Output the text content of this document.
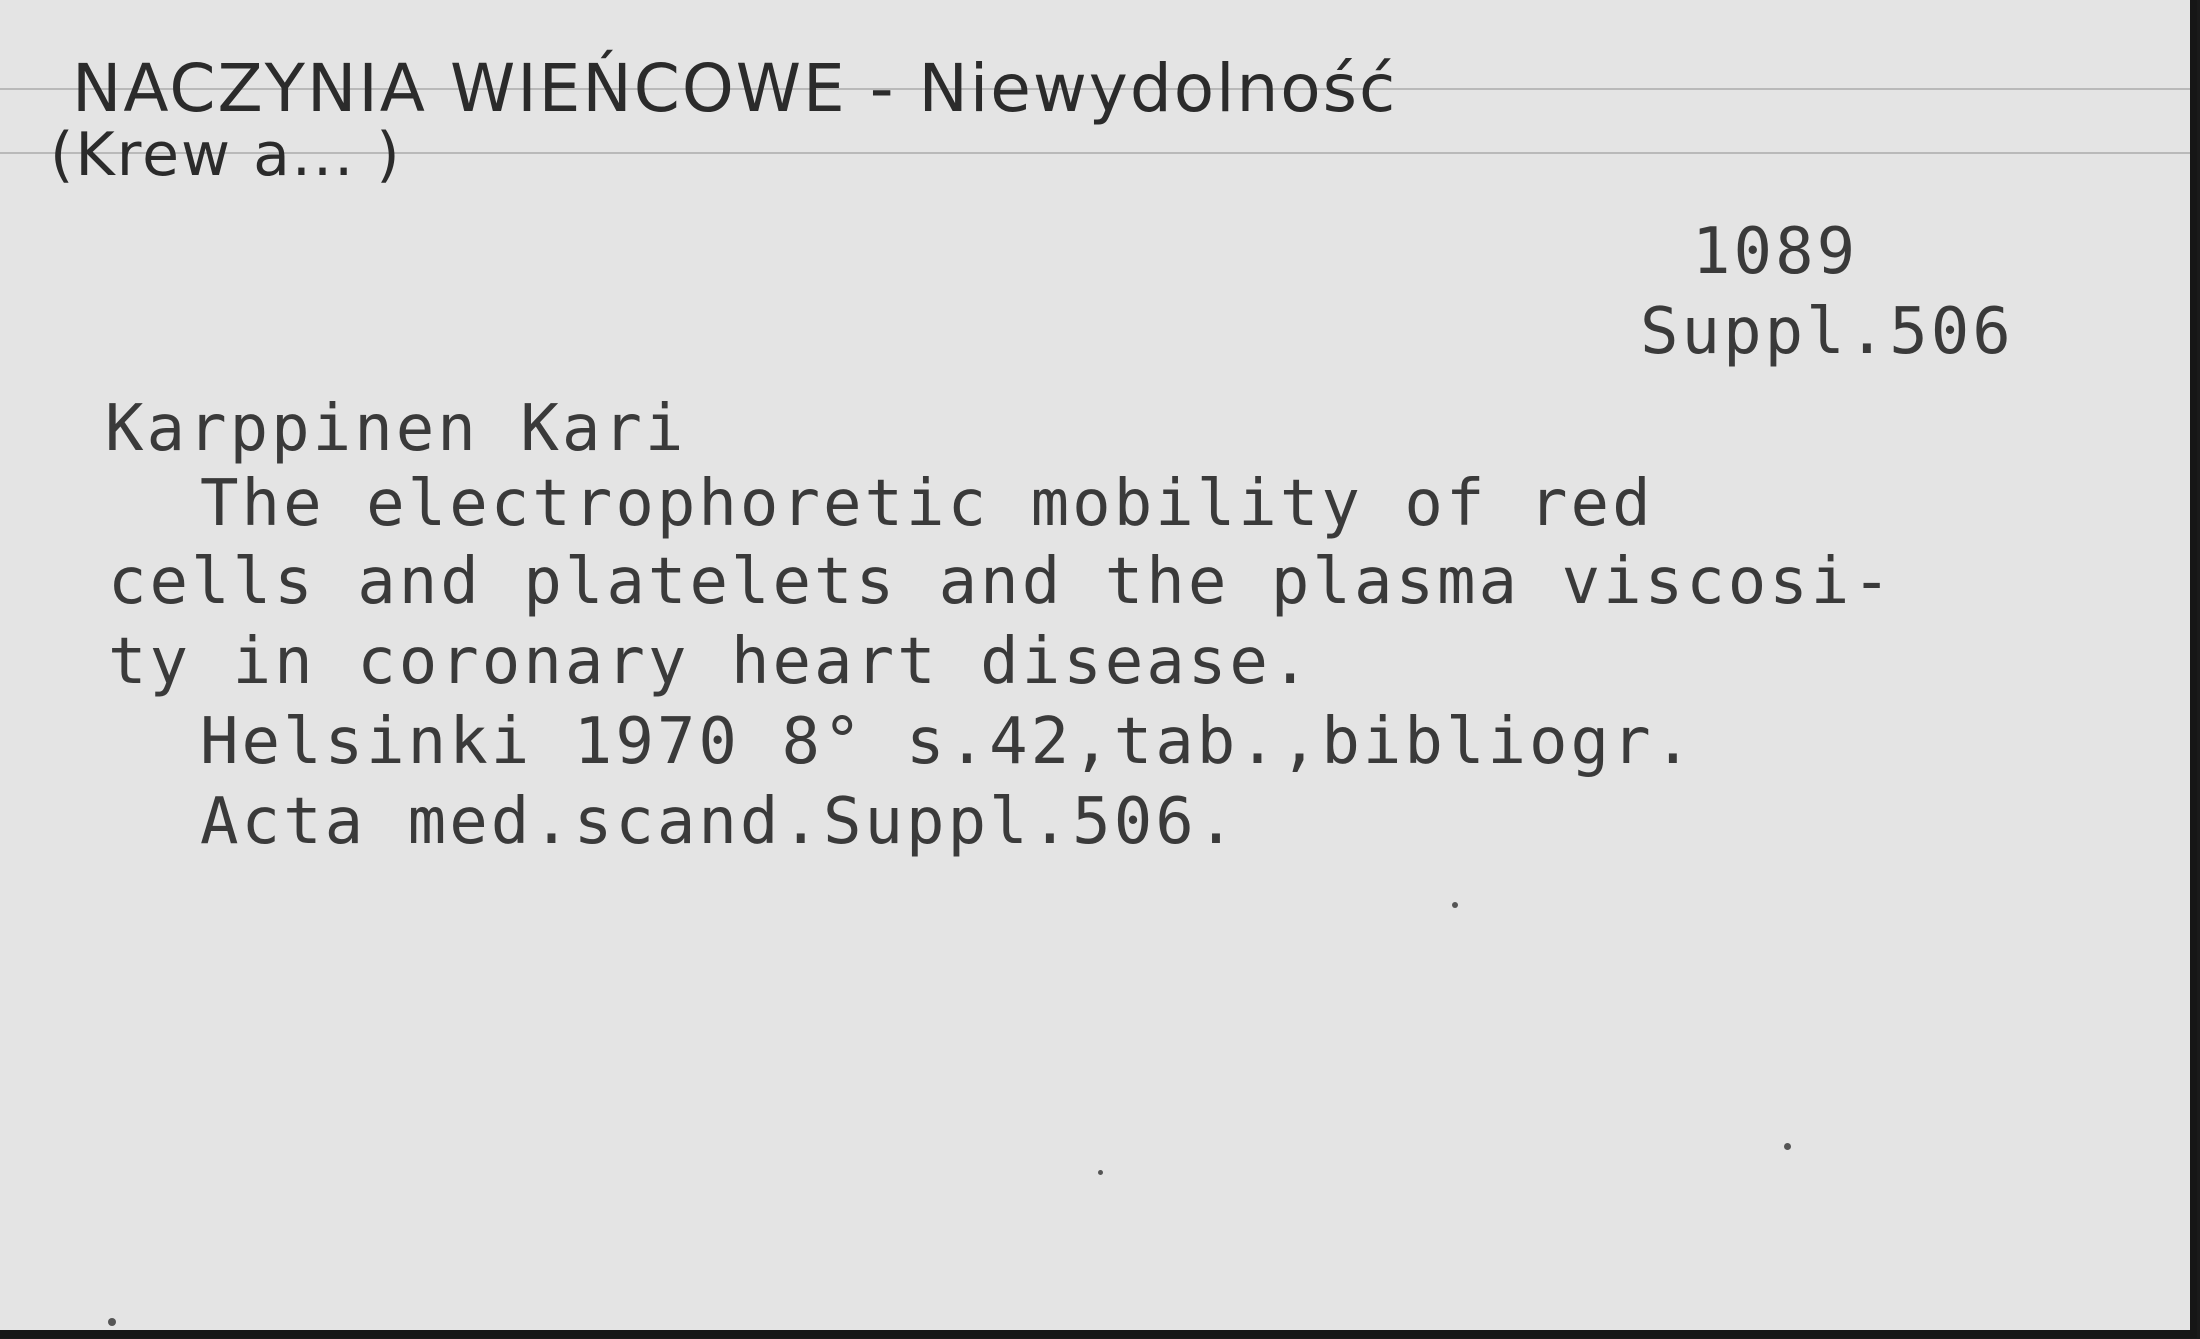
NACZYNIA WIEŃCOWE - Niewydolność
(Krew a... )
1089
Suppl.506
Karppinen Kari
The electrophoretic mobility of red
cells and platelets and the plasma viscosi-
ty in coronary heart disease.
Helsinki 1970 8° s.42,tab.,bibliogr.
Acta med.scand.Suppl.506.
